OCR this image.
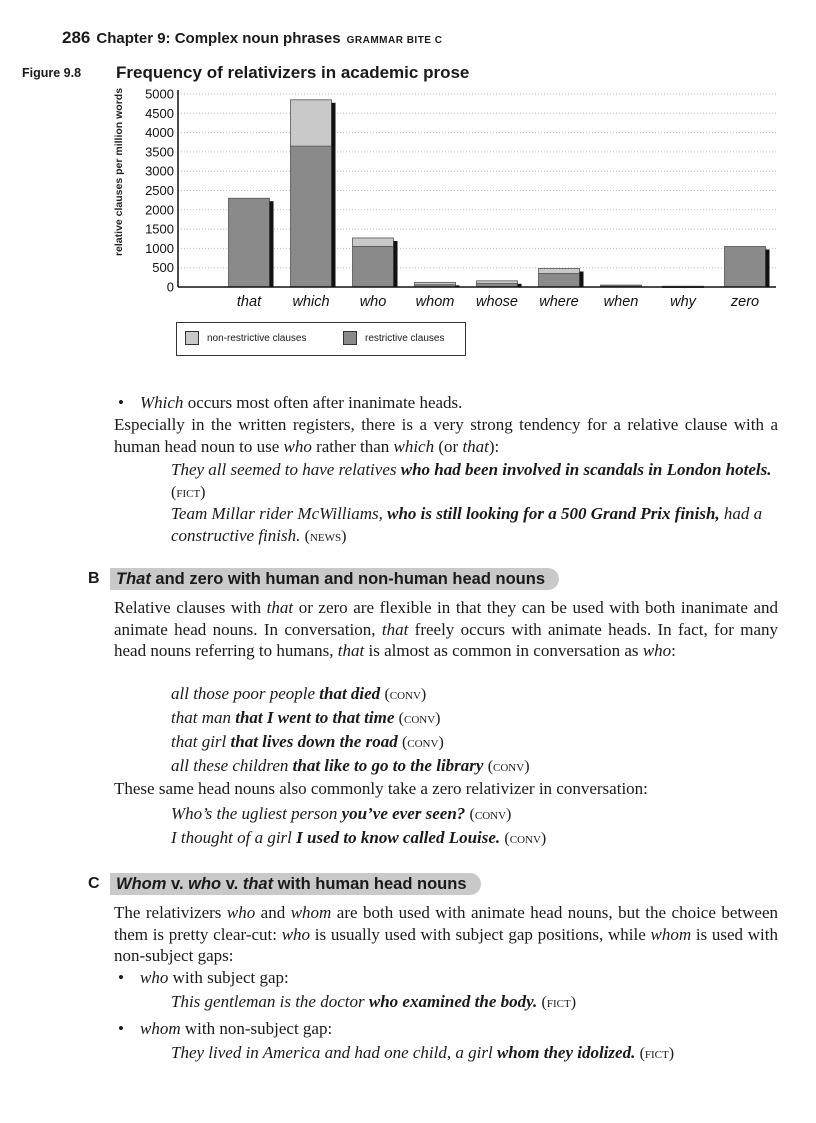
286 Chapter 9: Complex noun phrases GRAMMAR BITE C
Figure 9.8 Frequency of relativizers in academic prose
relative clauses per million words
0
500
1000
1500
2000
2500
3000
3500
4000
4500
5000
that which who whom whose where when why zero
non-restrictive clauses	restrictive clauses
• Which occurs most often after inanimate heads.
Especially in the written registers, there is a very strong tendency for a relative clause with a human head noun to use who rather than which (or that):
They all seemed to have relatives who had been involved in scandals in London hotels. (fict)
Team Millar rider McWilliams, who is still looking for a 500 Grand Prix finish, had a constructive finish. (news)
B That and zero with human and non-human head nouns
Relative clauses with that or zero are flexible in that they can be used with both inanimate and animate head nouns. In conversation, that freely occurs with animate heads. In fact, for many head nouns referring to humans, that is almost as common in conversation as who:
all those poor people that died (conv)
that man that I went to that time (conv)
that girl that lives down the road (conv)
all these children that like to go to the library (conv)
These same head nouns also commonly take a zero relativizer in conversation:
Who’s the ugliest person you’ve ever seen? (conv)
I thought of a girl I used to know called Louise. (conv)
C Whom v. who v. that with human head nouns
The relativizers who and whom are both used with animate head nouns, but the choice between them is pretty clear-cut: who is usually used with subject gap positions, while whom is used with non-subject gaps:
• who with subject gap:
This gentleman is the doctor who examined the body. (fict)
• whom with non-subject gap:
They lived in America and had one child, a girl whom they idolized. (fict)
